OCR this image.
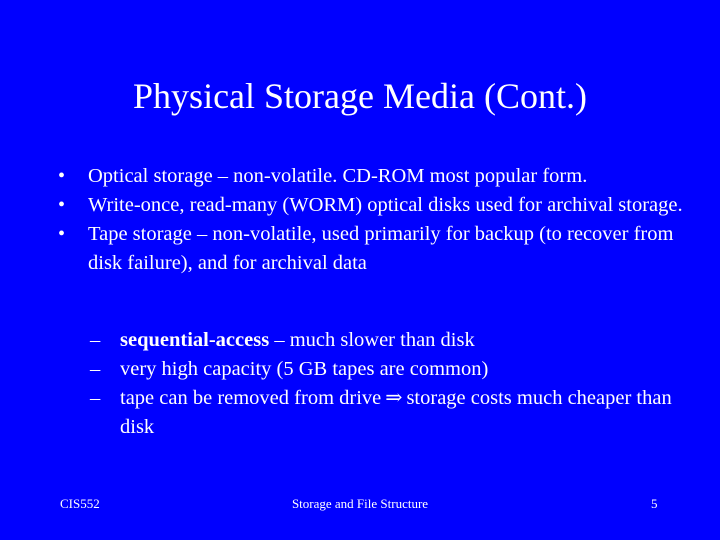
Physical Storage Media (Cont.)
• Optical storage – non-volatile. CD-ROM most popular form.
• Write-once, read-many (WORM) optical disks used for archival storage.
• Tape storage – non-volatile, used primarily for backup (to recover from disk failure), and for archival data
– sequential-access – much slower than disk
– very high capacity (5 GB tapes are common)
– tape can be removed from drive ⇒ storage costs much cheaper than disk
CIS552	Storage and File Structure	5
